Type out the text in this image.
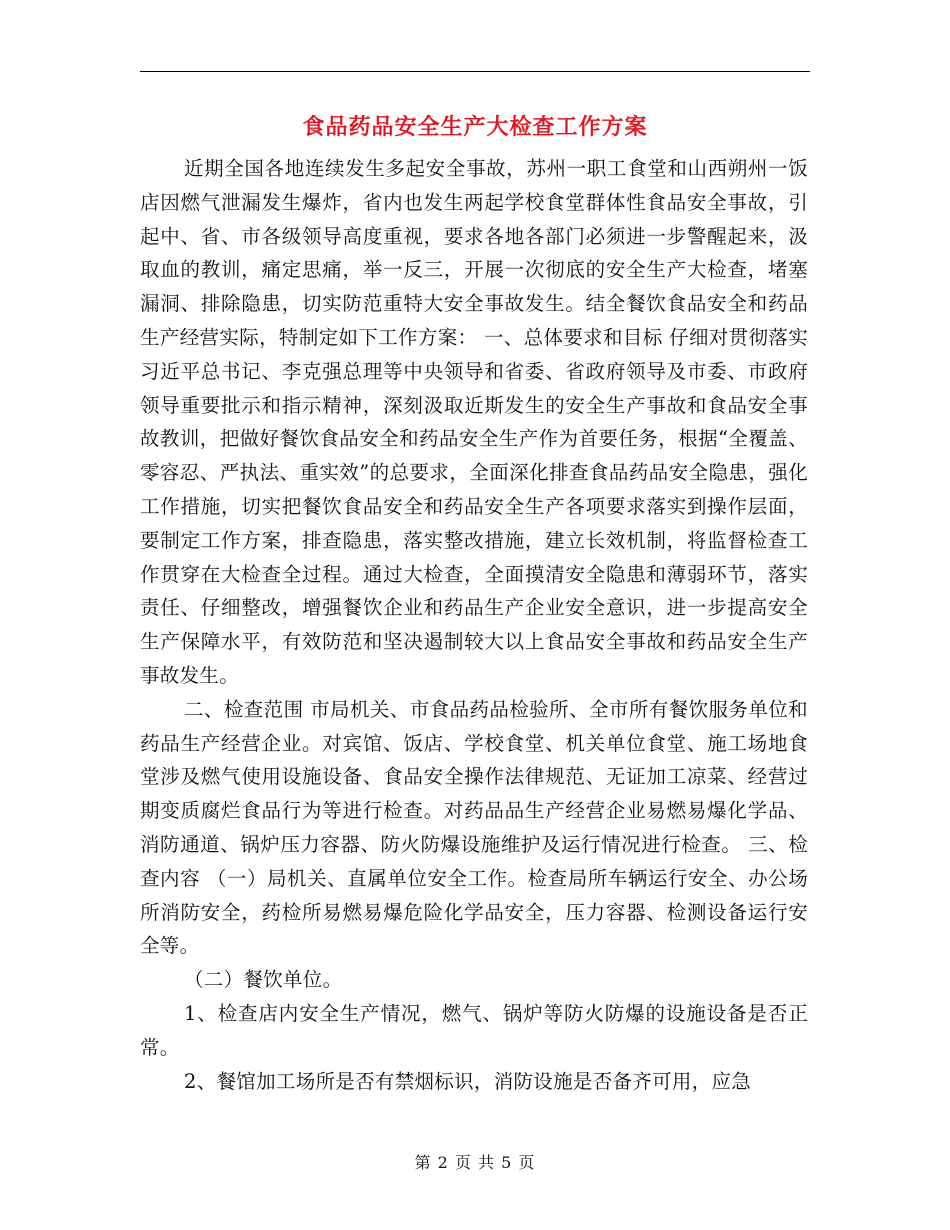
食品药品安全生产大检查工作方案

近期全国各地连续发生多起安全事故，苏州一职工食堂和山西朔州一饭店因燃气泄漏发生爆炸，省内也发生两起学校食堂群体性食品安全事故，引起中、省、市各级领导高度重视，要求各地各部门必须进一步警醒起来，汲取血的教训，痛定思痛，举一反三，开展一次彻底的安全生产大检查，堵塞漏洞、排除隐患，切实防范重特大安全事故发生。结全餐饮食品安全和药品生产经营实际，特制定如下工作方案： 一、总体要求和目标 仔细对贯彻落实习近平总书记、李克强总理等中央领导和省委、省政府领导及市委、市政府领导重要批示和指示精神，深刻汲取近斯发生的安全生产事故和食品安全事故教训，把做好餐饮食品安全和药品安全生产作为首要任务，根据“全覆盖、零容忍、严执法、重实效”的总要求，全面深化排查食品药品安全隐患，强化工作措施，切实把餐饮食品安全和药品安全生产各项要求落实到操作层面，要制定工作方案，排查隐患，落实整改措施，建立长效机制，将监督检查工作贯穿在大检查全过程。通过大检查，全面摸清安全隐患和薄弱环节，落实责任、仔细整改，增强餐饮企业和药品生产企业安全意识，进一步提高安全生产保障水平，有效防范和坚决遏制较大以上食品安全事故和药品安全生产事故发生。

二、检查范围 市局机关、市食品药品检验所、全市所有餐饮服务单位和药品生产经营企业。对宾馆、饭店、学校食堂、机关单位食堂、施工场地食堂涉及燃气使用设施设备、食品安全操作法律规范、无证加工凉菜、经营过期变质腐烂食品行为等进行检查。对药品品生产经营企业易燃易爆化学品、消防通道、锅炉压力容器、防火防爆设施维护及运行情况进行检查。 三、检查内容 （一）局机关、直属单位安全工作。检查局所车辆运行安全、办公场所消防安全，药检所易燃易爆危险化学品安全，压力容器、检测设备运行安全等。

（二）餐饮单位。

1、检查店内安全生产情况，燃气、锅炉等防火防爆的设施设备是否正常。

2、餐馆加工场所是否有禁烟标识，消防设施是否备齐可用，应急

第 2 页 共 5 页
